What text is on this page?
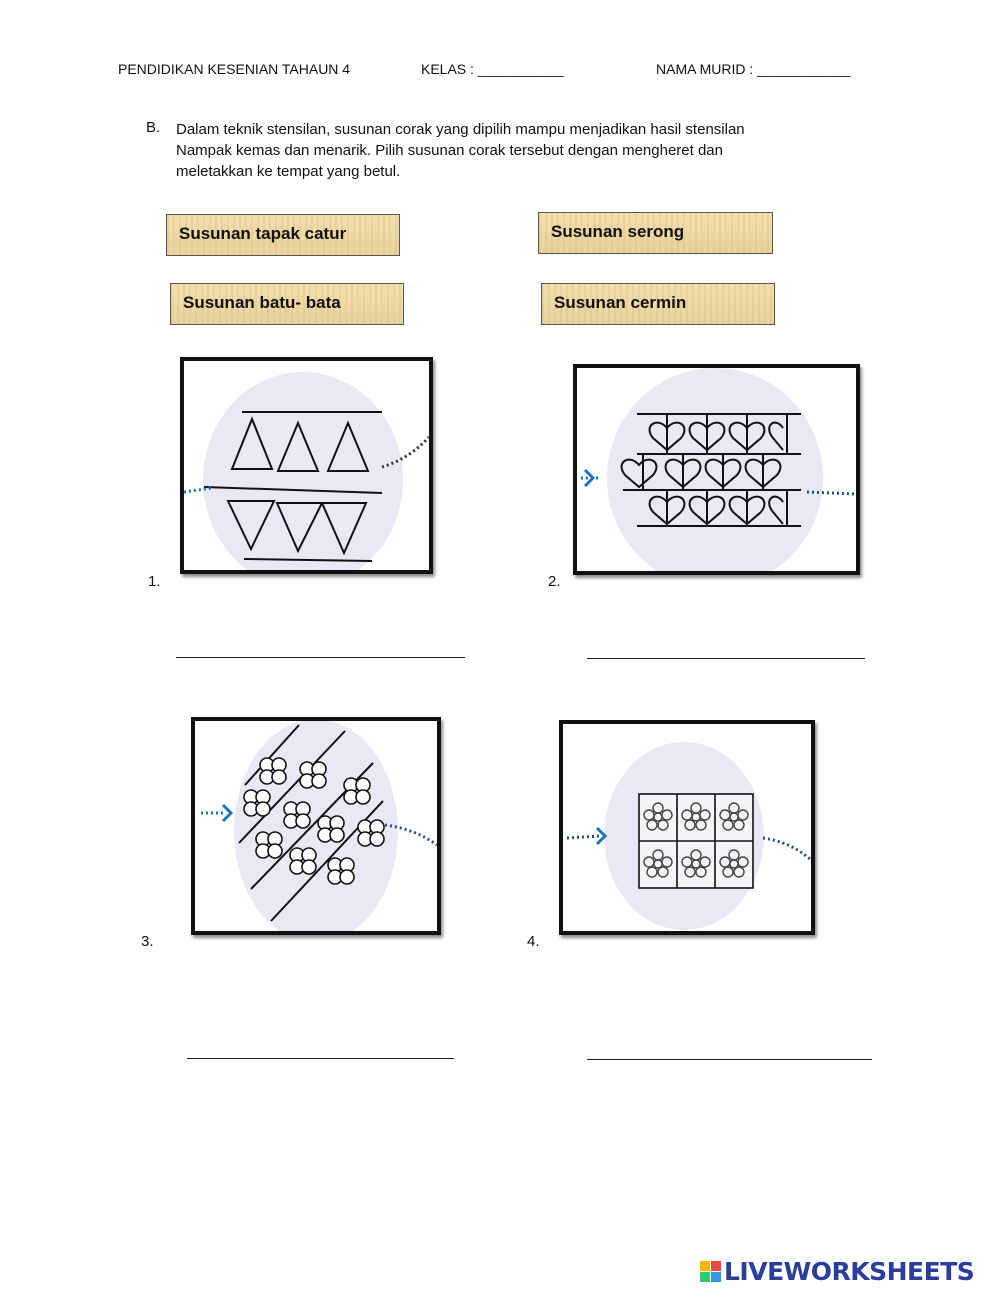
PENDIDIKAN KESENIAN TAHAUN 4	KELAS : ___________	NAMA MURID : ____________
B. Dalam teknik stensilan, susunan corak yang dipilih mampu menjadikan hasil stensilan
Nampak kemas dan menarik. Pilih susunan corak tersebut dengan mengheret dan
meletakkan ke tempat yang betul.
Susunan tapak catur	Susunan serong
Susunan batu- bata	Susunan cermin
1.	2.
3.	4.
LIVEWORKSHEETS
